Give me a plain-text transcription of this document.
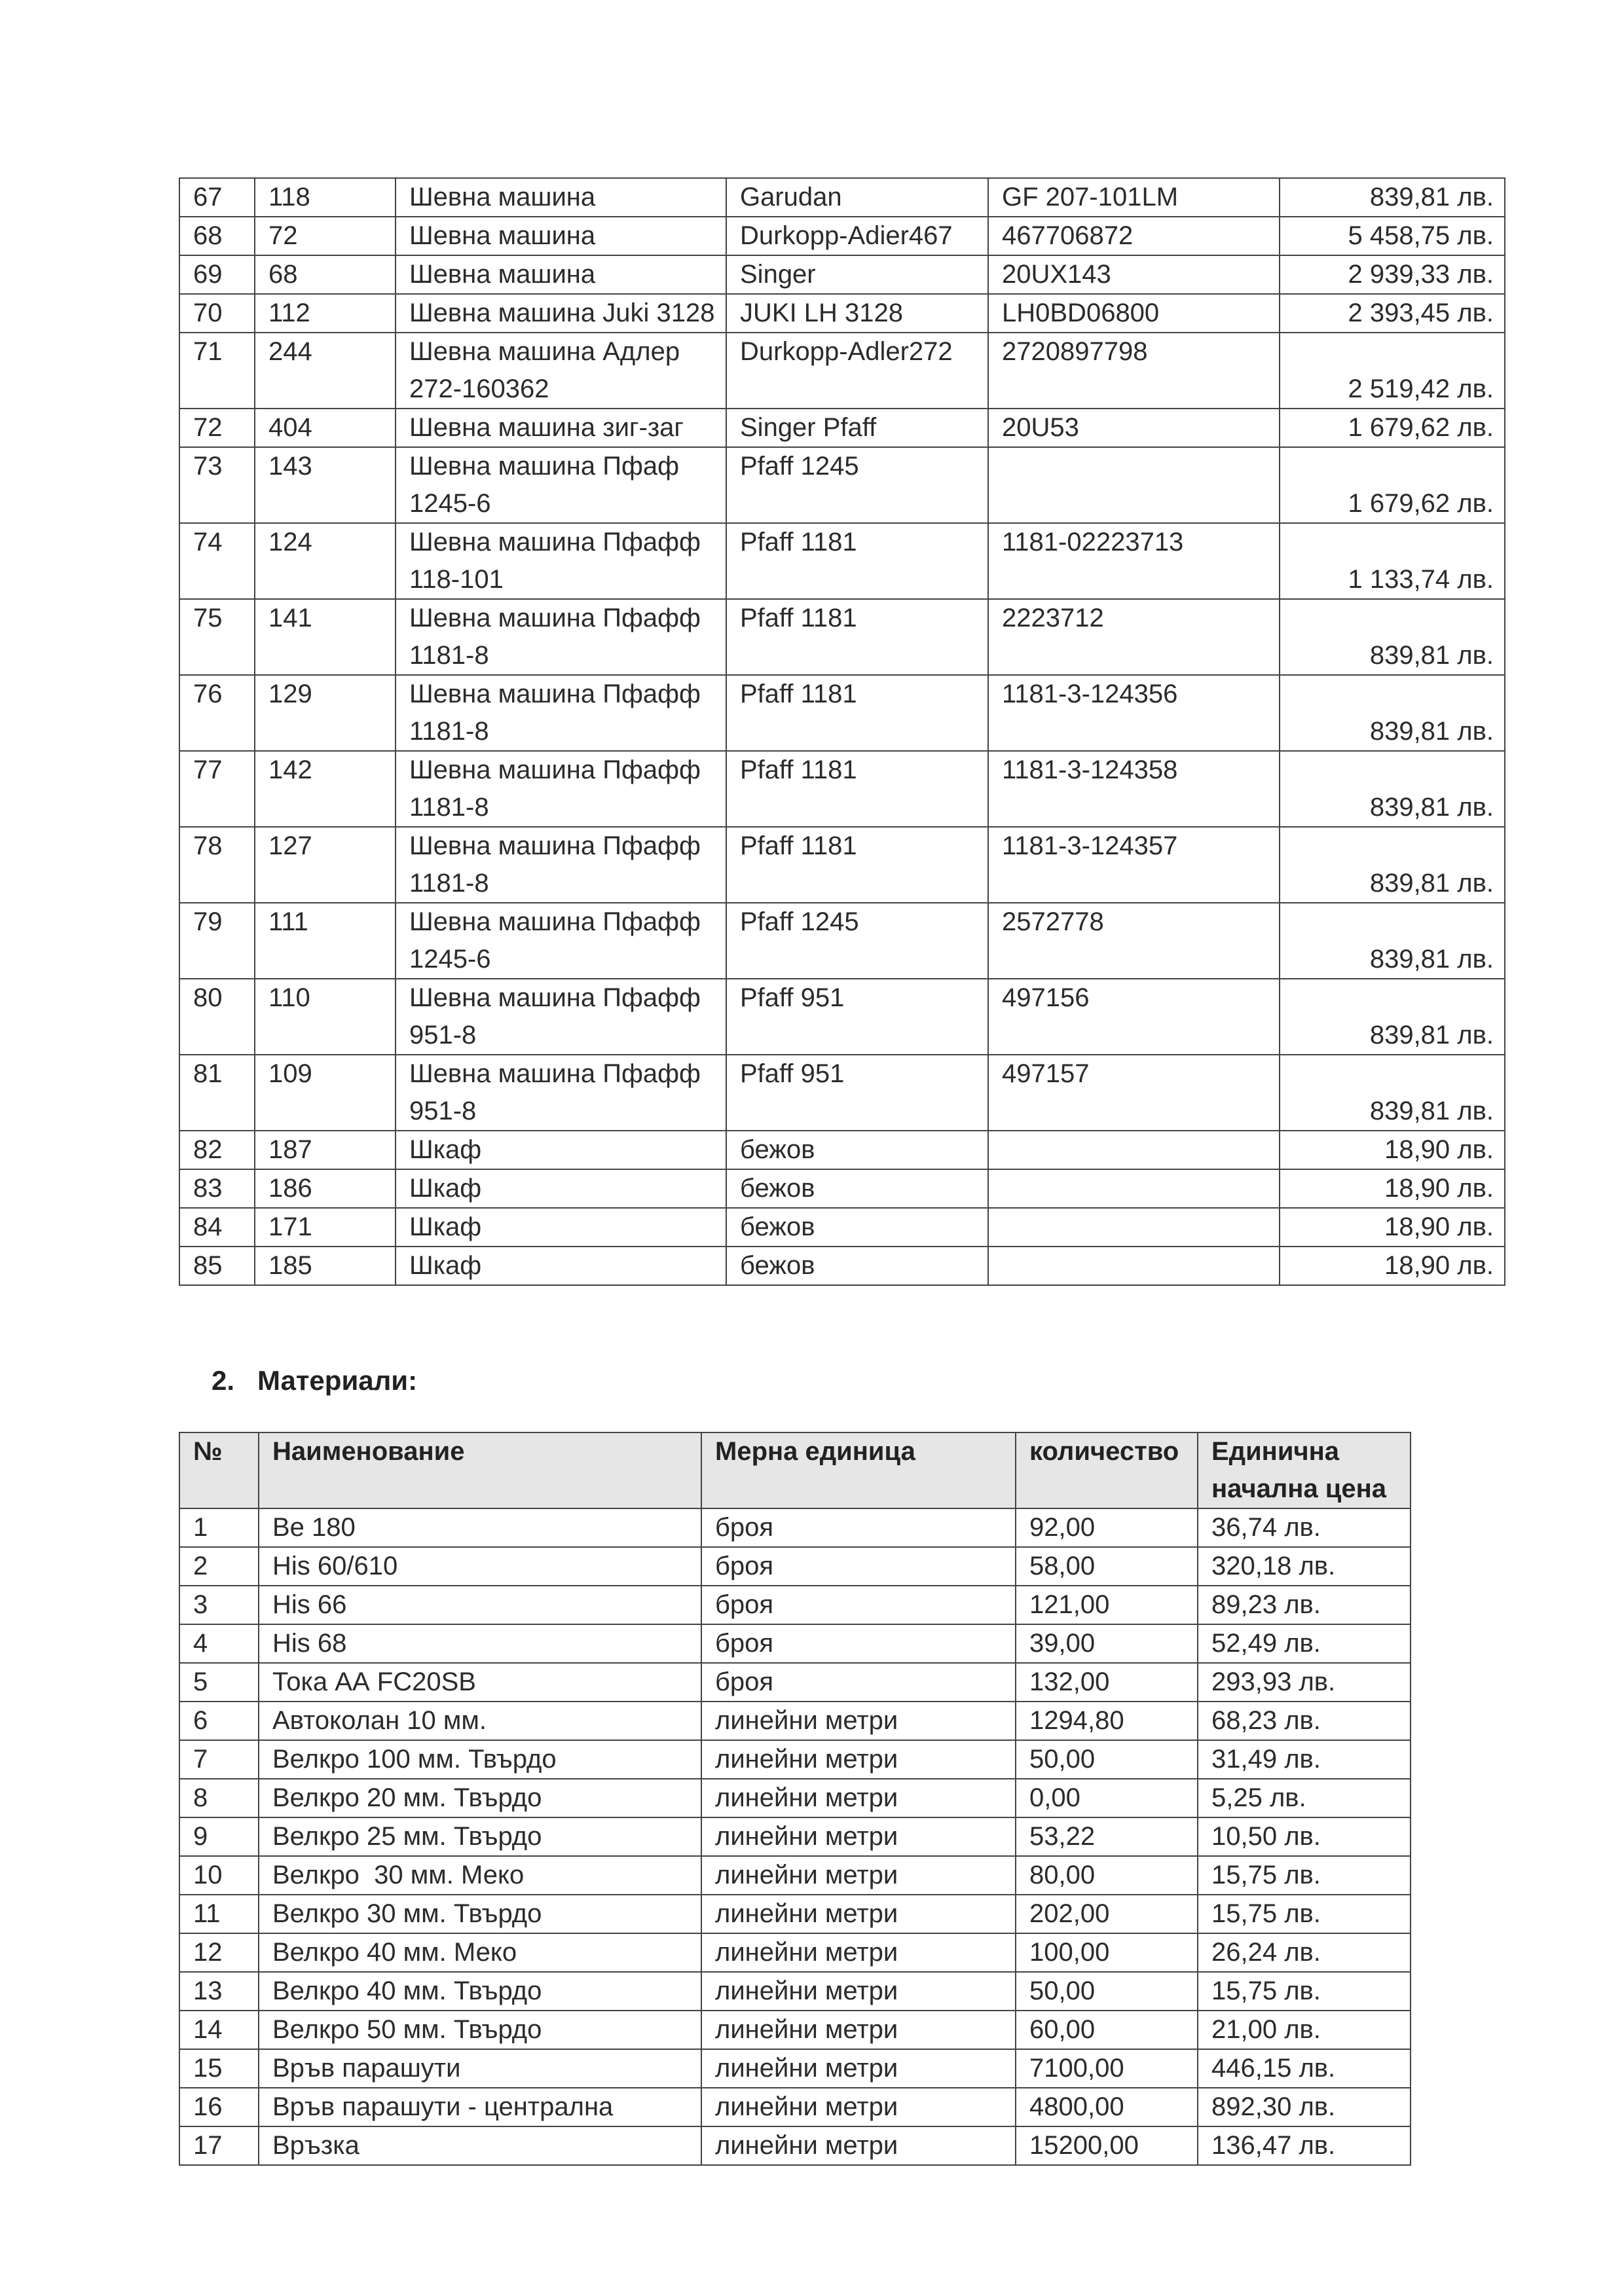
67	118	Шевна машина	Garudan	GF 207-101LM	839,81 лв.
68	72	Шевна машина	Durkopp-Adier467	467706872	5 458,75 лв.
69	68	Шевна машина	Singer	20UX143	2 939,33 лв.
70	112	Шевна машина Juki 3128	JUKI LH 3128	LH0BD06800	2 393,45 лв.
71	244	Шевна машина Адлер 272-160362	Durkopp-Adler272	2720897798	2 519,42 лв.
72	404	Шевна машина зиг-заг	Singer Pfaff	20U53	1 679,62 лв.
73	143	Шевна машина Пфаф 1245-6	Pfaff 1245		1 679,62 лв.
74	124	Шевна машина Пфафф 118-101	Pfaff 1181	1181-02223713	1 133,74 лв.
75	141	Шевна машина Пфафф 1181-8	Pfaff 1181	2223712	839,81 лв.
76	129	Шевна машина Пфафф 1181-8	Pfaff 1181	1181-3-124356	839,81 лв.
77	142	Шевна машина Пфафф 1181-8	Pfaff 1181	1181-3-124358	839,81 лв.
78	127	Шевна машина Пфафф 1181-8	Pfaff 1181	1181-3-124357	839,81 лв.
79	111	Шевна машина Пфафф 1245-6	Pfaff 1245	2572778	839,81 лв.
80	110	Шевна машина Пфафф 951-8	Pfaff 951	497156	839,81 лв.
81	109	Шевна машина Пфафф 951-8	Pfaff 951	497157	839,81 лв.
82	187	Шкаф	бежов		18,90 лв.
83	186	Шкаф	бежов		18,90 лв.
84	171	Шкаф	бежов		18,90 лв.
85	185	Шкаф	бежов		18,90 лв.
2. Материали:
№	Наименование	Мерна единица	количество	Единична начална цена
1	Be 180	броя	92,00	36,74 лв.
2	His 60/610	броя	58,00	320,18 лв.
3	His 66	броя	121,00	89,23 лв.
4	His 68	броя	39,00	52,49 лв.
5	Тока АА FC20SB	броя	132,00	293,93 лв.
6	Автоколан 10 мм.	линейни метри	1294,80	68,23 лв.
7	Велкро 100 мм. Твърдо	линейни метри	50,00	31,49 лв.
8	Велкро 20 мм. Твърдо	линейни метри	0,00	5,25 лв.
9	Велкро 25 мм. Твърдо	линейни метри	53,22	10,50 лв.
10	Велкро  30 мм. Меко	линейни метри	80,00	15,75 лв.
11	Велкро 30 мм. Твърдо	линейни метри	202,00	15,75 лв.
12	Велкро 40 мм. Меко	линейни метри	100,00	26,24 лв.
13	Велкро 40 мм. Твърдо	линейни метри	50,00	15,75 лв.
14	Велкро 50 мм. Твърдо	линейни метри	60,00	21,00 лв.
15	Връв парашути	линейни метри	7100,00	446,15 лв.
16	Връв парашути - централна	линейни метри	4800,00	892,30 лв.
17	Връзка	линейни метри	15200,00	136,47 лв.
